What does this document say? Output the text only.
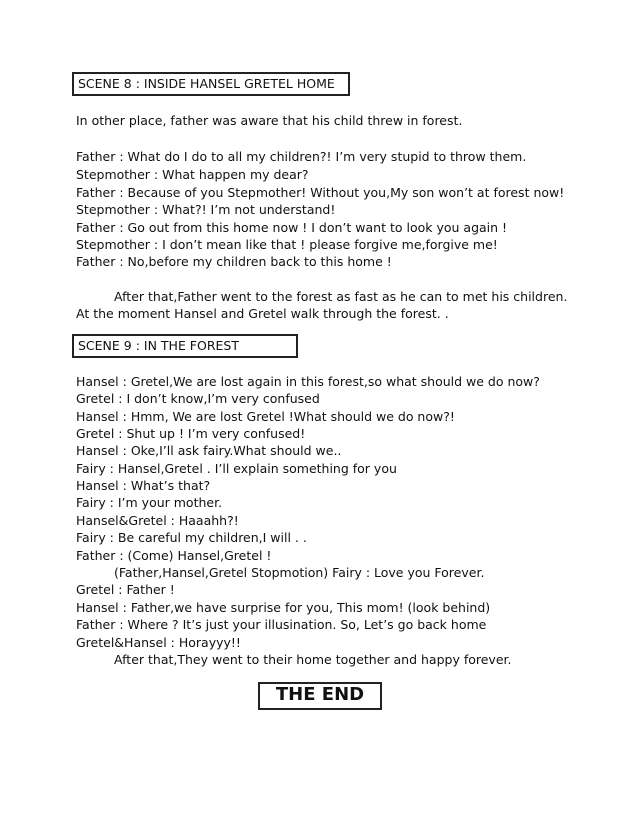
SCENE 8 : INSIDE HANSEL GRETEL HOME
In other place, father was aware that his child threw in forest.
Father : What do I do to all my children?! I’m very stupid to throw them.
Stepmother : What happen my dear?
Father : Because of you Stepmother! Without you,My son won’t at forest now!
Stepmother : What?! I’m not understand!
Father : Go out from this home now ! I don’t want to look you again !
Stepmother : I don’t mean like that ! please forgive me,forgive me!
Father : No,before my children back to this home !
After that,Father went to the forest as fast as he can to met his children.
At the moment Hansel and Gretel walk through the forest. .
SCENE 9 : IN THE FOREST
Hansel : Gretel,We are lost again in this forest,so what should we do now?
Gretel : I don’t know,I’m very confused
Hansel : Hmm, We are lost Gretel !What should we do now?!
Gretel : Shut up ! I’m very confused!
Hansel : Oke,I’ll ask fairy.What should we..
Fairy : Hansel,Gretel . I’ll explain something for you
Hansel : What’s that?
Fairy : I’m your mother.
Hansel&Gretel : Haaahh?!
Fairy : Be careful my children,I will . .
Father : (Come) Hansel,Gretel !
(Father,Hansel,Gretel Stopmotion) Fairy : Love you Forever.
Gretel : Father !
Hansel : Father,we have surprise for you, This mom! (look behind)
Father : Where ? It’s just your illusination. So, Let’s go back home
Gretel&Hansel : Horayyy!!
After that,They went to their home together and happy forever.
THE END
